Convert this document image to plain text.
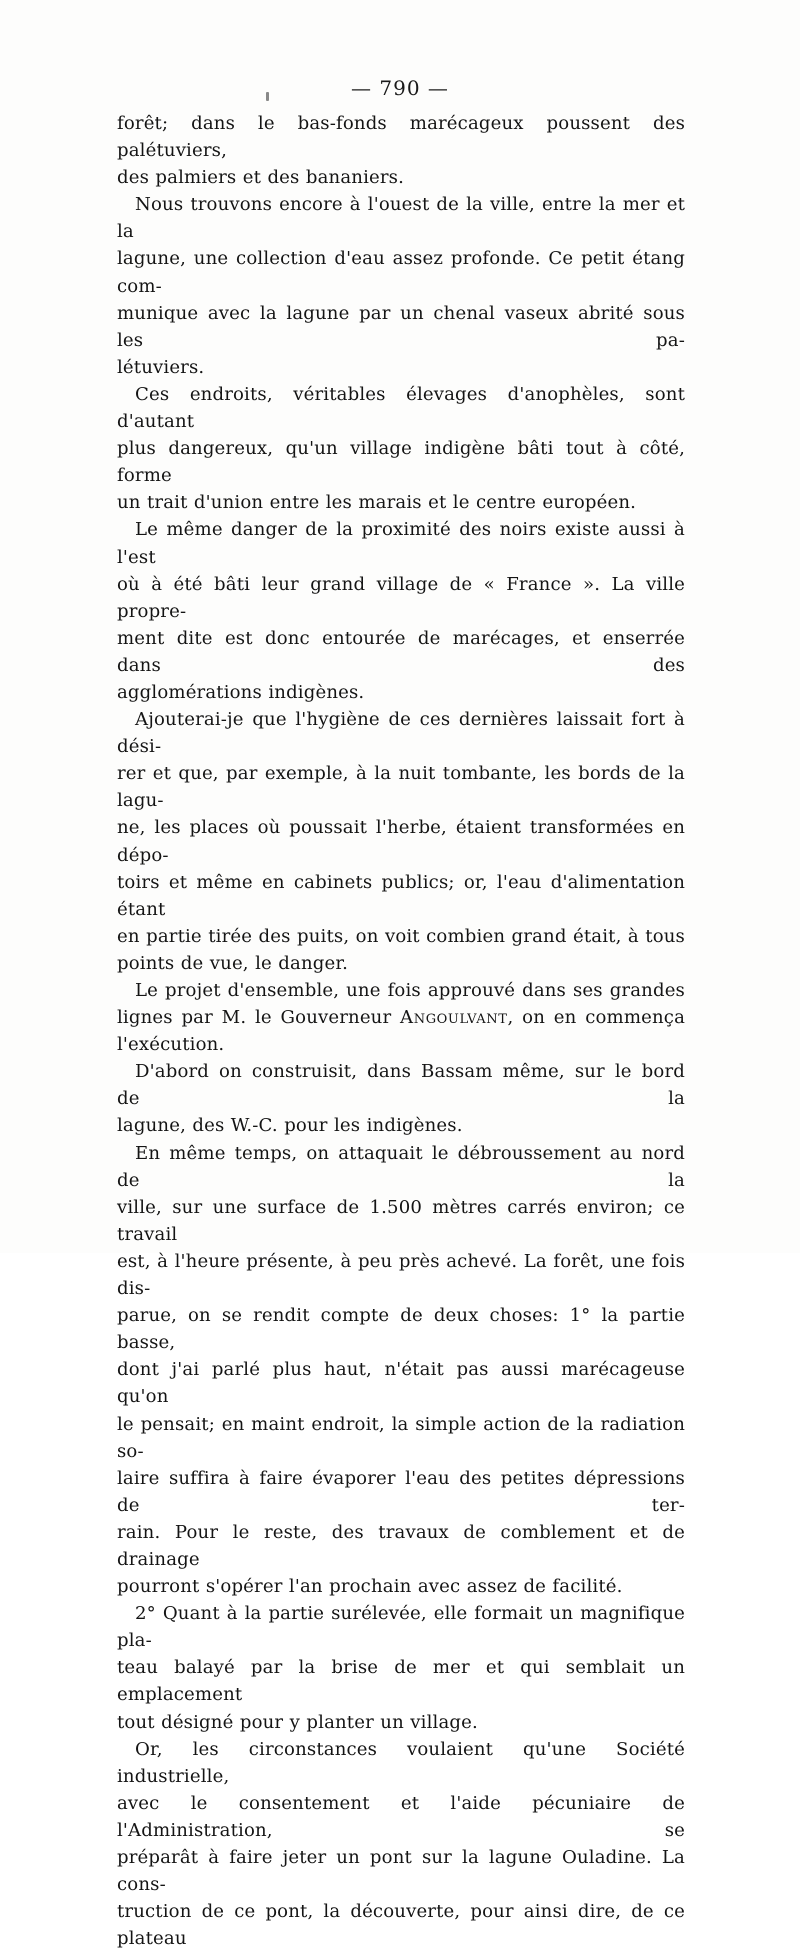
— 790 —
forêt; dans le bas-fonds marécageux poussent des palétuviers,
des palmiers et des bananiers.
Nous trouvons encore à l'ouest de la ville, entre la mer et la
lagune, une collection d'eau assez profonde. Ce petit étang com-
munique avec la lagune par un chenal vaseux abrité sous les pa-
létuviers.
Ces endroits, véritables élevages d'anophèles, sont d'autant
plus dangereux, qu'un village indigène bâti tout à côté, forme
un trait d'union entre les marais et le centre européen.
Le même danger de la proximité des noirs existe aussi à l'est
où à été bâti leur grand village de « France ». La ville propre-
ment dite est donc entourée de marécages, et enserrée dans des
agglomérations indigènes.
Ajouterai-je que l'hygiène de ces dernières laissait fort à dési-
rer et que, par exemple, à la nuit tombante, les bords de la lagu-
ne, les places où poussait l'herbe, étaient transformées en dépo-
toirs et même en cabinets publics; or, l'eau d'alimentation étant
en partie tirée des puits, on voit combien grand était, à tous
points de vue, le danger.
Le projet d'ensemble, une fois approuvé dans ses grandes
lignes par M. le Gouverneur Angoulvant, on en commença
l'exécution.
D'abord on construisit, dans Bassam même, sur le bord de la
lagune, des W.-C. pour les indigènes.
En même temps, on attaquait le débroussement au nord de la
ville, sur une surface de 1.500 mètres carrés environ; ce travail
est, à l'heure présente, à peu près achevé. La forêt, une fois dis-
parue, on se rendit compte de deux choses: 1° la partie basse,
dont j'ai parlé plus haut, n'était pas aussi marécageuse qu'on
le pensait; en maint endroit, la simple action de la radiation so-
laire suffira à faire évaporer l'eau des petites dépressions de ter-
rain. Pour le reste, des travaux de comblement et de drainage
pourront s'opérer l'an prochain avec assez de facilité.
2° Quant à la partie surélevée, elle formait un magnifique pla-
teau balayé par la brise de mer et qui semblait un emplacement
tout désigné pour y planter un village.
Or, les circonstances voulaient qu'une Société industrielle,
avec le consentement et l'aide pécuniaire de l'Administration, se
préparât à faire jeter un pont sur la lagune Ouladine. La cons-
truction de ce pont, la découverte, pour ainsi dire, de ce plateau
